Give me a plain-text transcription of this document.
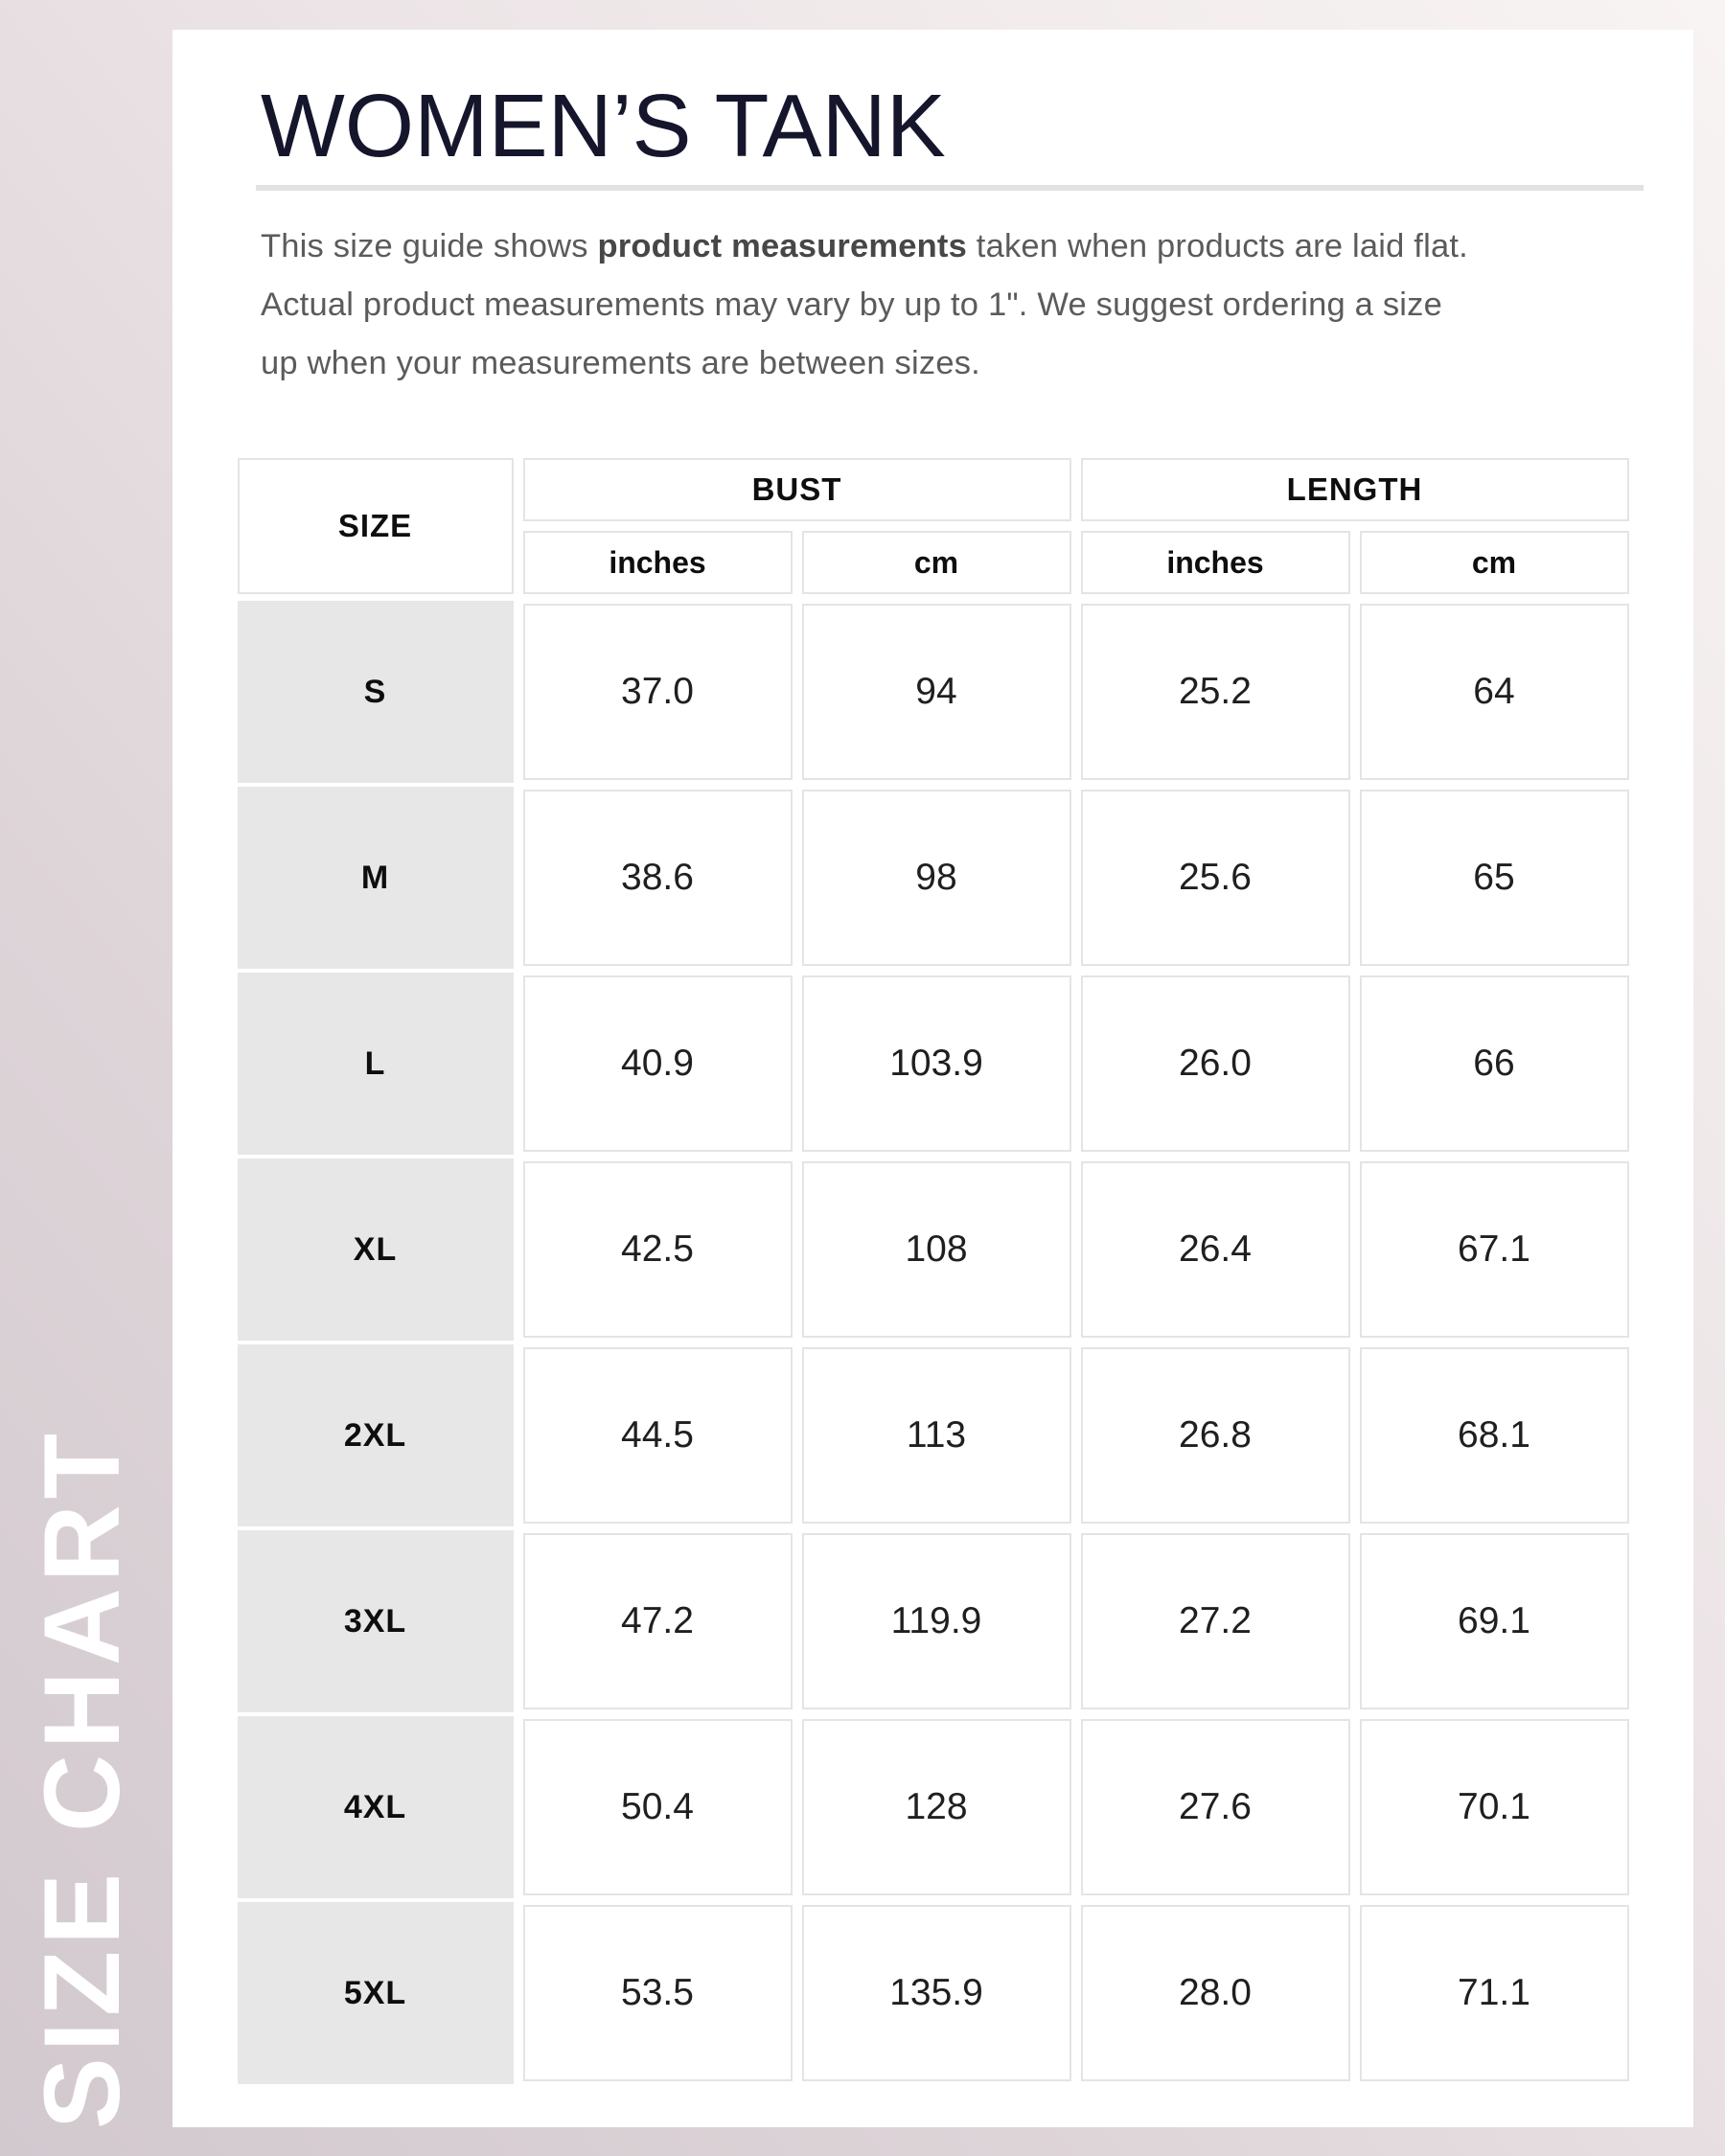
SIZE CHART
WOMEN’S TANK

This size guide shows product measurements taken when products are laid flat.
Actual product measurements may vary by up to 1". We suggest ordering a size
up when your measurements are between sizes.

SIZE
BUST	LENGTH
inches	cm	inches	cm
S	37.0	94	25.2	64
M	38.6	98	25.6	65
L	40.9	103.9	26.0	66
XL	42.5	108	26.4	67.1
2XL	44.5	113	26.8	68.1
3XL	47.2	119.9	27.2	69.1
4XL	50.4	128	27.6	70.1
5XL	53.5	135.9	28.0	71.1
